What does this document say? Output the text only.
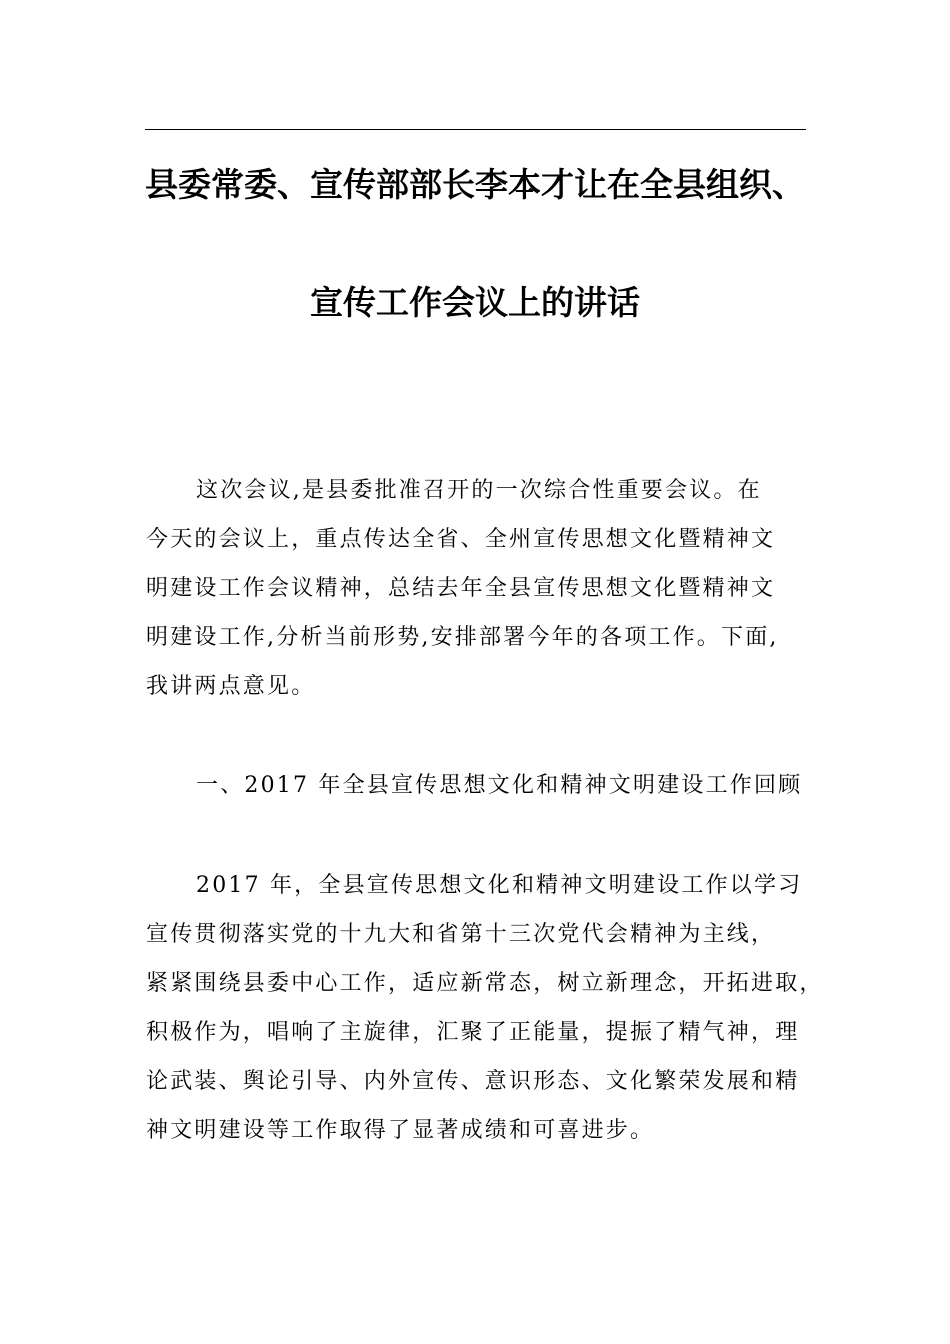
县委常委、宣传部部长李本才让在全县组织、
宣传工作会议上的讲话
这次会议,是县委批准召开的一次综合性重要会议。在
今天的会议上，重点传达全省、全州宣传思想文化暨精神文
明建设工作会议精神，总结去年全县宣传思想文化暨精神文
明建设工作,分析当前形势,安排部署今年的各项工作。下面,
我讲两点意见。
一、2017 年全县宣传思想文化和精神文明建设工作回顾
2017 年，全县宣传思想文化和精神文明建设工作以学习
宣传贯彻落实党的十九大和省第十三次党代会精神为主线，
紧紧围绕县委中心工作，适应新常态，树立新理念，开拓进取，
积极作为，唱响了主旋律，汇聚了正能量，提振了精气神，理
论武装、舆论引导、内外宣传、意识形态、文化繁荣发展和精
神文明建设等工作取得了显著成绩和可喜进步。
